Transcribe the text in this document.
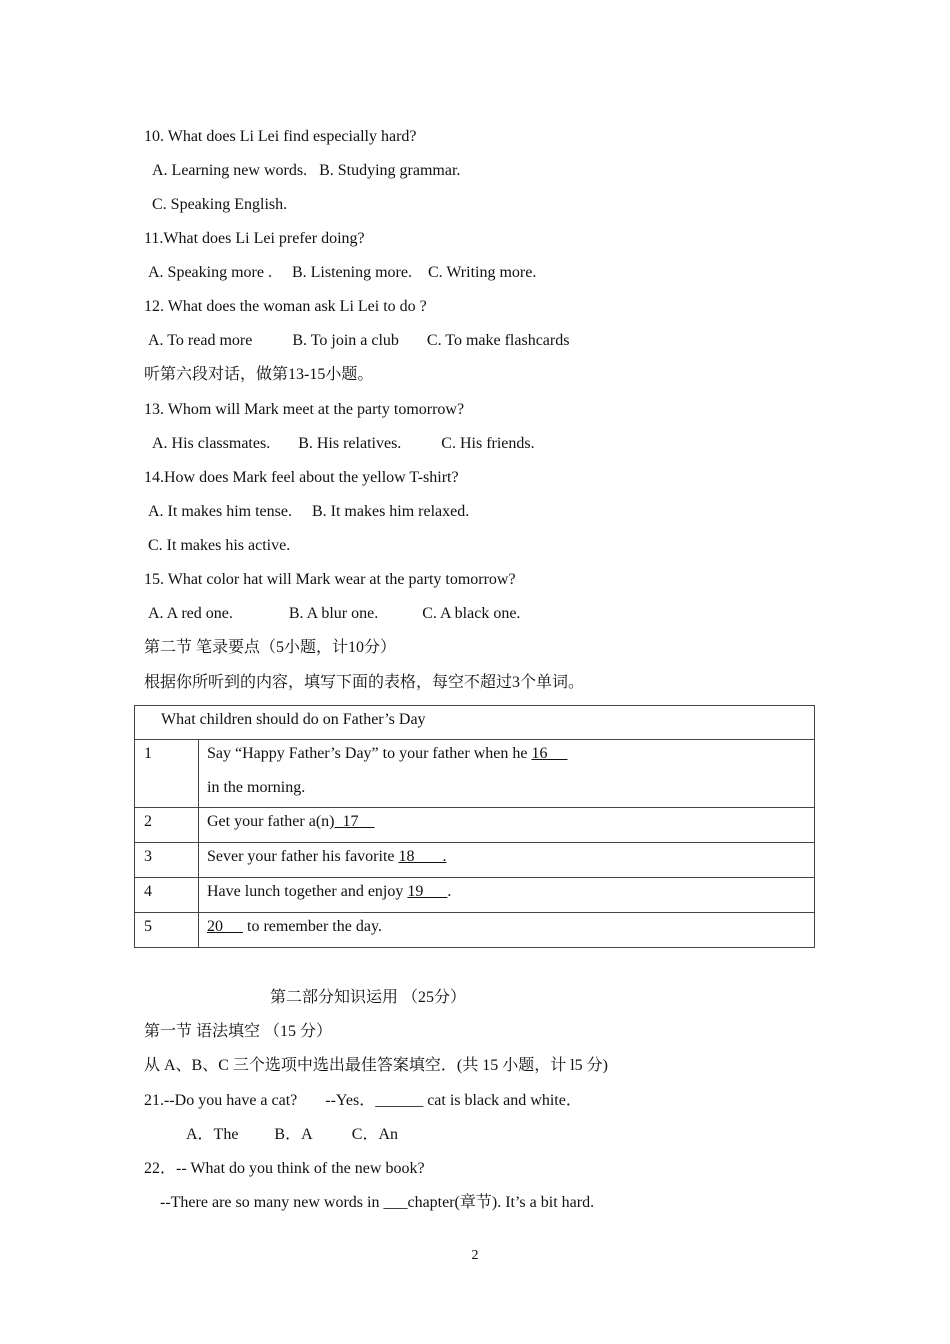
10. What does Li Lei find especially hard?
A. Learning new words.   B. Studying grammar.
C. Speaking English.
11.What does Li Lei prefer doing?
A. Speaking more .     B. Listening more.    C. Writing more.
12. What does the woman ask Li Lei to do ?
A. To read more          B. To join a club       C. To make flashcards
听第六段对话，做第13-15小题。
13. Whom will Mark meet at the party tomorrow?
A. His classmates.       B. His relatives.          C. His friends.
14.How does Mark feel about the yellow T-shirt?
A. It makes him tense.     B. It makes him relaxed.
C. It makes his active.
15. What color hat will Mark wear at the party tomorrow?
A. A red one.              B. A blur one.           C. A black one.
第二节 笔录要点（5小题，计10分）
根据你所听到的内容，填写下面的表格，每空不超过3个单词。
What children should do on Father’s Day	
1	Say “Happy Father’s Day” to your father when he 16
in the morning.

2	Get your father a(n)  17
3	Sever your father his favorite 18       .
4	Have lunch together and enjoy 19      .
5	20      to remember the day.
第二部分知识运用 （25分）
第一节 语法填空 （15 分）
从 A、B、C 三个选项中选出最佳答案填空．(共 15 小题，计 l5 分)
21.--Do you have a cat?       --Yes．______ cat is black and white．
A．The         B．A          C．An
22．-- What do you think of the new book?
--There are so many new words in ___chapter(章节). It’s a bit hard.
2
